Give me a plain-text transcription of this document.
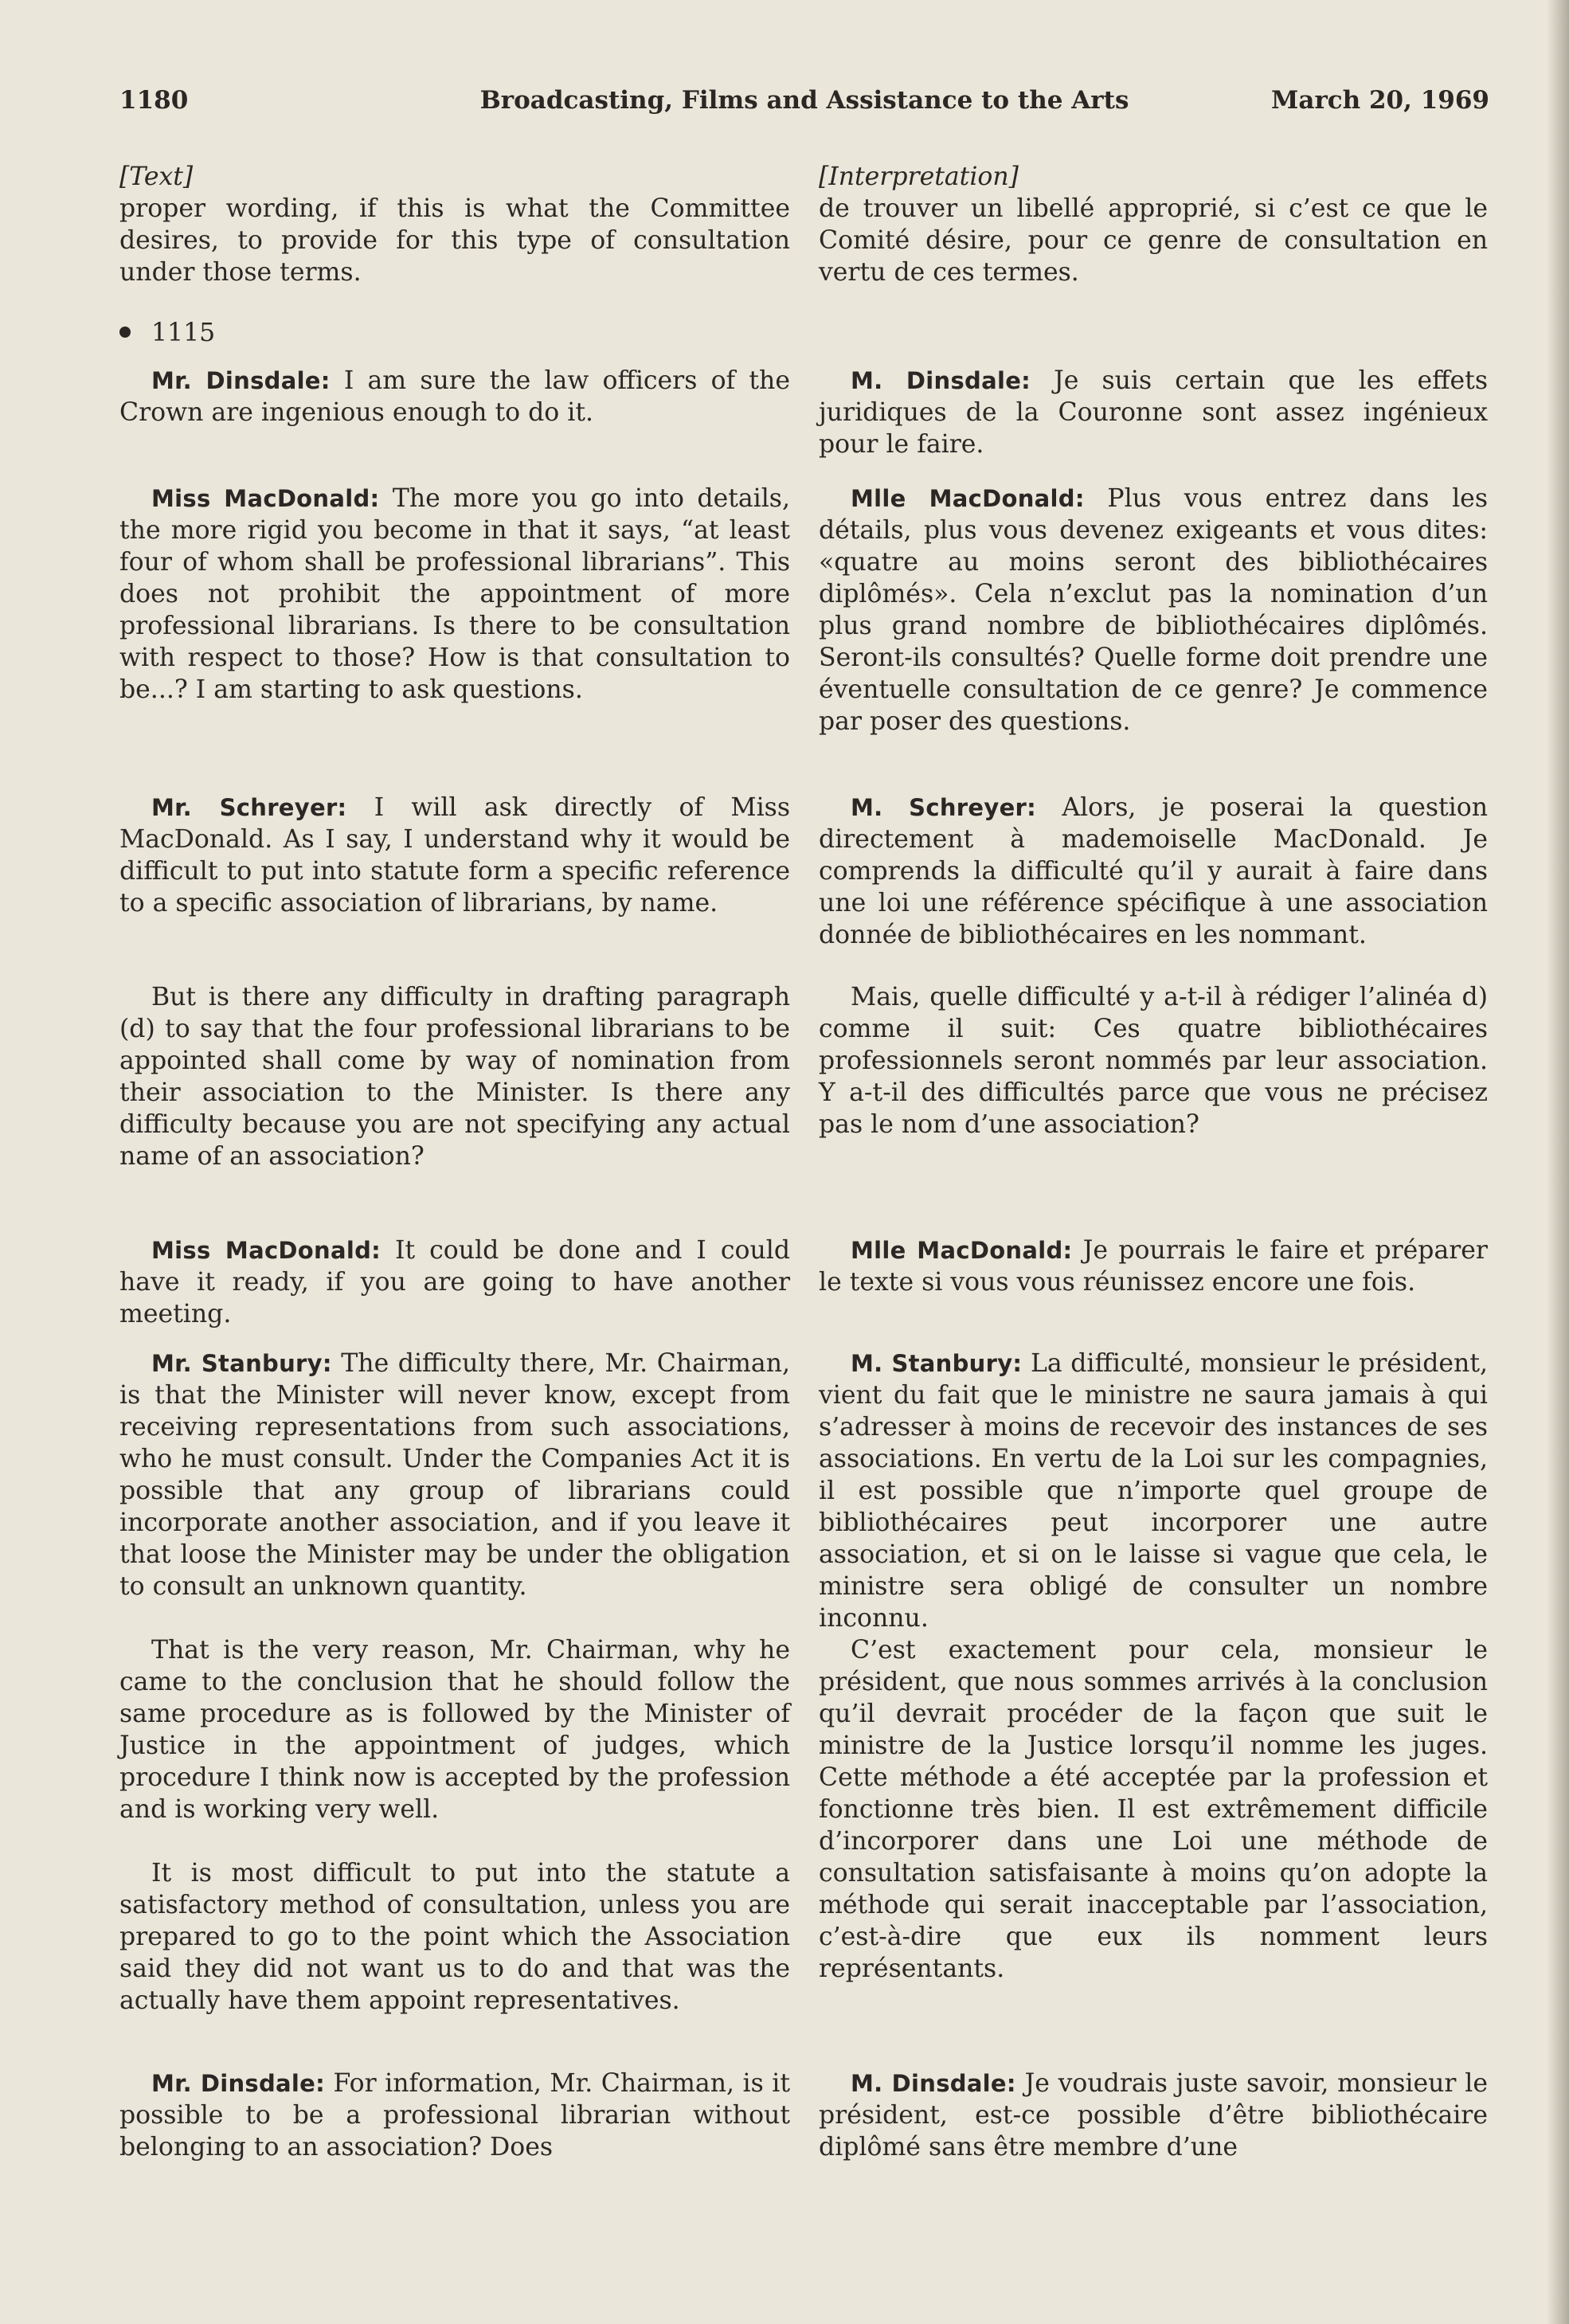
1180	Broadcasting, Films and Assistance to the Arts	March 20, 1969

[Text]

proper wording, if this is what the Committee desires, to provide for this type of consultation under those terms.

1115

Mr. Dinsdale: I am sure the law officers of the Crown are ingenious enough to do it.

Miss MacDonald: The more you go into details, the more rigid you become in that it says, “at least four of whom shall be professional librarians”. This does not prohibit the appointment of more professional librarians. Is there to be consultation with respect to those? How is that consultation to be...? I am starting to ask questions.

Mr. Schreyer: I will ask directly of Miss MacDonald. As I say, I understand why it would be difficult to put into statute form a specific reference to a specific association of librarians, by name.

But is there any difficulty in drafting paragraph (d) to say that the four professional librarians to be appointed shall come by way of nomination from their association to the Minister. Is there any difficulty because you are not specifying any actual name of an association?

Miss MacDonald: It could be done and I could have it ready, if you are going to have another meeting.

Mr. Stanbury: The difficulty there, Mr. Chairman, is that the Minister will never know, except from receiving representations from such associations, who he must consult. Under the Companies Act it is possible that any group of librarians could incorporate another association, and if you leave it that loose the Minister may be under the obligation to consult an unknown quantity.

That is the very reason, Mr. Chairman, why he came to the conclusion that he should follow the same procedure as is followed by the Minister of Justice in the appointment of judges, which procedure I think now is accepted by the profession and is working very well.

It is most difficult to put into the statute a satisfactory method of consultation, unless you are prepared to go to the point which the Association said they did not want us to do and that was the actually have them appoint representatives.

Mr. Dinsdale: For information, Mr. Chairman, is it possible to be a professional librarian without belonging to an association? Does

[Interpretation]

de trouver un libellé approprié, si c’est ce que le Comité désire, pour ce genre de consultation en vertu de ces termes.

M. Dinsdale: Je suis certain que les effets juridiques de la Couronne sont assez ingénieux pour le faire.

Mlle MacDonald: Plus vous entrez dans les détails, plus vous devenez exigeants et vous dites: «quatre au moins seront des bibliothécaires diplômés». Cela n’exclut pas la nomination d’un plus grand nombre de bibliothécaires diplômés. Seront-ils consultés? Quelle forme doit prendre une éventuelle consultation de ce genre? Je commence par poser des questions.

M. Schreyer: Alors, je poserai la question directement à mademoiselle MacDonald. Je comprends la difficulté qu’il y aurait à faire dans une loi une référence spécifique à une association donnée de bibliothécaires en les nommant.

Mais, quelle difficulté y a-t-il à rédiger l’alinéa d) comme il suit: Ces quatre bibliothécaires professionnels seront nommés par leur association. Y a-t-il des difficultés parce que vous ne précisez pas le nom d’une association?

Mlle MacDonald: Je pourrais le faire et préparer le texte si vous vous réunissez encore une fois.

M. Stanbury: La difficulté, monsieur le président, vient du fait que le ministre ne saura jamais à qui s’adresser à moins de recevoir des instances de ses associations. En vertu de la Loi sur les compagnies, il est possible que n’importe quel groupe de bibliothécaires peut incorporer une autre association, et si on le laisse si vague que cela, le ministre sera obligé de consulter un nombre inconnu.

C’est exactement pour cela, monsieur le président, que nous sommes arrivés à la conclusion qu’il devrait procéder de la façon que suit le ministre de la Justice lorsqu’il nomme les juges. Cette méthode a été acceptée par la profession et fonctionne très bien. Il est extrêmement difficile d’incorporer dans une Loi une méthode de consultation satisfaisante à moins qu’on adopte la méthode qui serait inacceptable par l’association, c’est-à-dire que eux ils nomment leurs représentants.

M. Dinsdale: Je voudrais juste savoir, monsieur le président, est-ce possible d’être bibliothécaire diplômé sans être membre d’une
